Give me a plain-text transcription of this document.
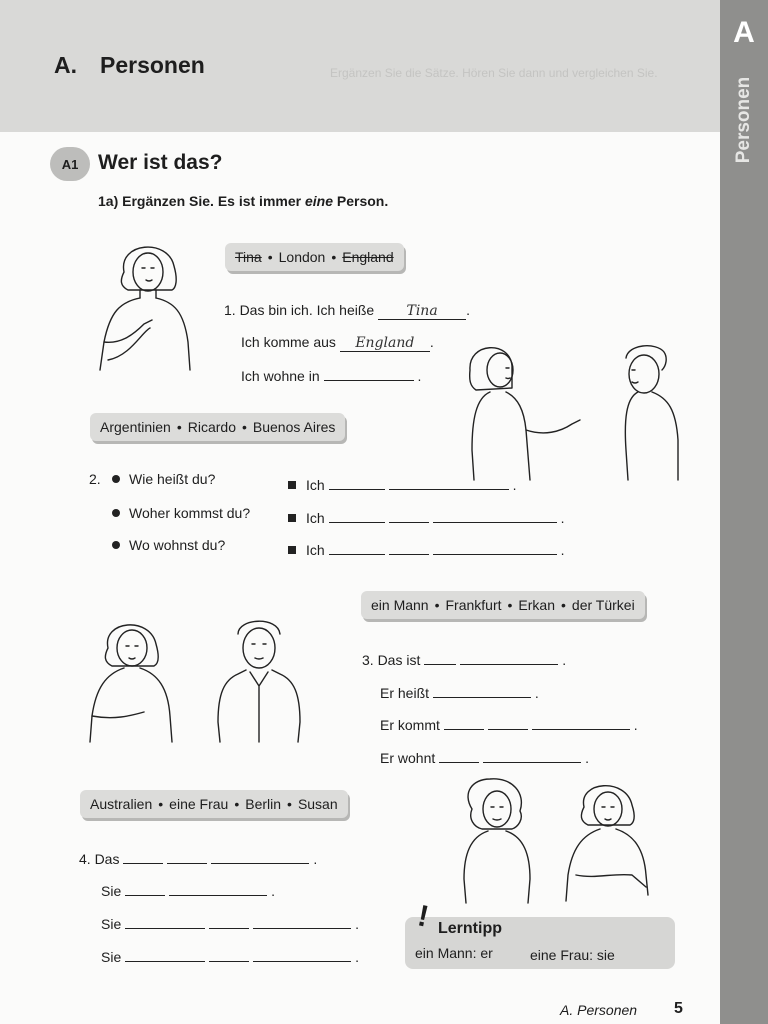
Ergänzen Sie die Sätze. Hören Sie dann und vergleichen Sie.
A. Personen
A
Personen
A1 Wer ist das?
1a) Ergänzen Sie. Es ist immer eine Person.
Tina • London • England
1. Das bin ich. Ich heiße Tina .
Ich komme aus England .
Ich wohne in	.
Argentinien • Ricardo • Buenos Aires
2.	Wie heißt du?
Woher kommst du?
Wo wohnst du?
Ich	.
Ich	.
Ich	.
ein Mann • Frankfurt • Erkan • der Türkei
3. Das ist	.
Er heißt	.
Er kommt	.
Er wohnt	.
Australien • eine Frau • Berlin • Susan
4. Das	.
Sie	.
Sie	.
Sie	.
! Lerntipp
ein Mann: er	eine Frau: sie
A. Personen 5
